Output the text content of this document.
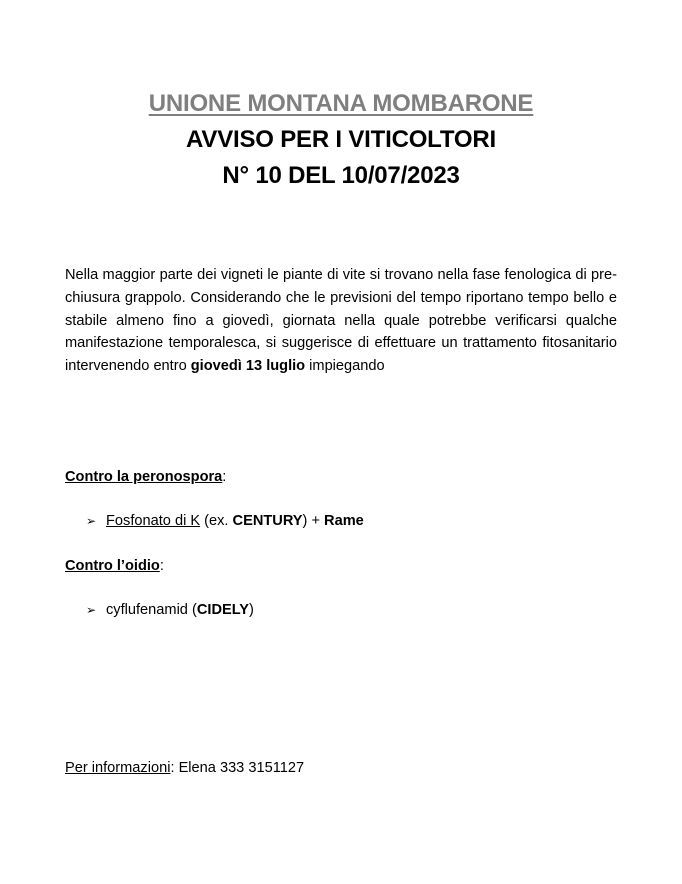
UNIONE MONTANA MOMBARONE
AVVISO PER I VITICOLTORI
N° 10 DEL 10/07/2023
Nella maggior parte dei vigneti le piante di vite si trovano nella fase fenologica di pre-chiusura grappolo. Considerando che le previsioni del tempo riportano tempo bello e stabile almeno fino a giovedì, giornata nella quale potrebbe verificarsi qualche manifestazione temporalesca, si suggerisce di effettuare un trattamento fitosanitario intervenendo entro giovedì 13 luglio impiegando
Contro la peronospora:
➢ Fosfonato di K (ex. CENTURY) + Rame
Contro l’oidio:
➢ cyflufenamid (CIDELY)
Per informazioni: Elena 333 3151127
